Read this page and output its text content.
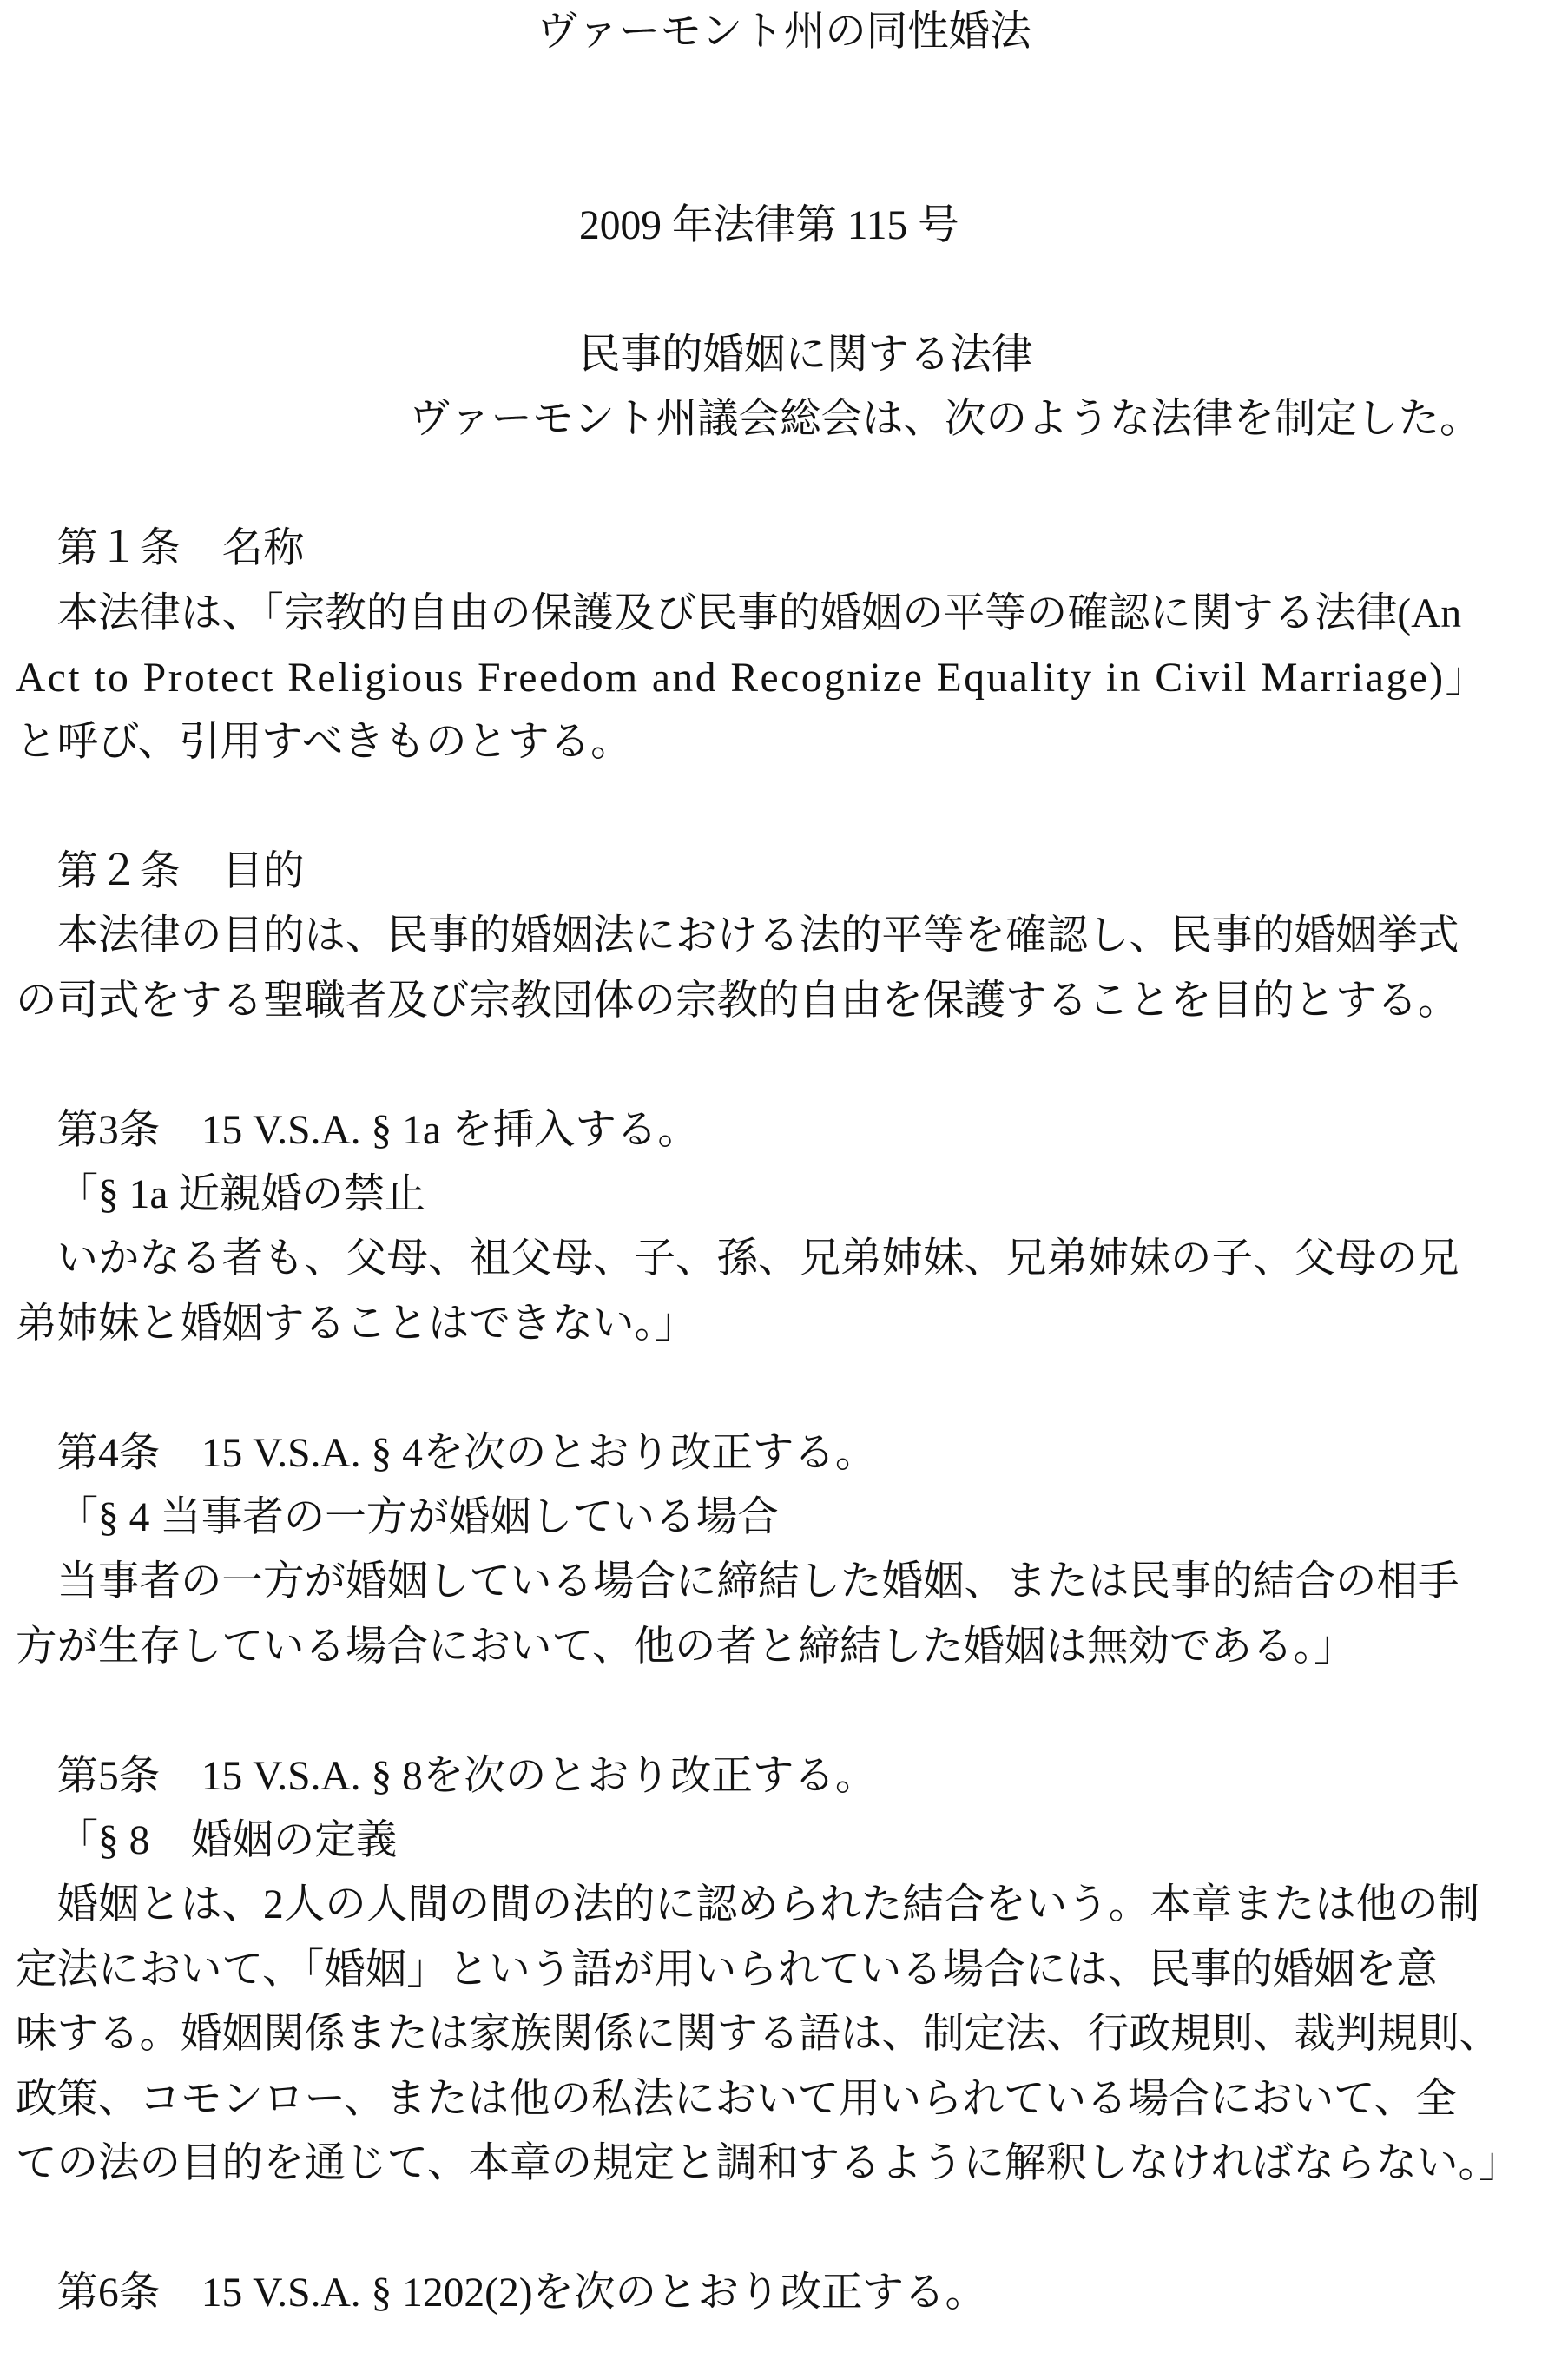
ヴァーモント州の同性婚法
2009 年法律第 115 号
民事的婚姻に関する法律
ヴァーモント州議会総会は、次のような法律を制定した。
第１条　名称
本法律は、「宗教的自由の保護及び民事的婚姻の平等の確認に関する法律(An
Act to Protect Religious Freedom and Recognize Equality in Civil Marriage)」
と呼び、引用すべきものとする。
第２条　目的
本法律の目的は、民事的婚姻法における法的平等を確認し、民事的婚姻挙式
の司式をする聖職者及び宗教団体の宗教的自由を保護することを目的とする。
第3条　15 V.S.A. § 1a を挿入する。
「§ 1a 近親婚の禁止
いかなる者も、父母、祖父母、子、孫、兄弟姉妹、兄弟姉妹の子、父母の兄
弟姉妹と婚姻することはできない。」
第4条　15 V.S.A. § 4を次のとおり改正する。
「§ 4 当事者の一方が婚姻している場合
当事者の一方が婚姻している場合に締結した婚姻、または民事的結合の相手
方が生存している場合において、他の者と締結した婚姻は無効である。」
第5条　15 V.S.A. § 8を次のとおり改正する。
「§ 8　婚姻の定義
婚姻とは、2人の人間の間の法的に認められた結合をいう。本章または他の制
定法において、「婚姻」という語が用いられている場合には、民事的婚姻を意
味する。婚姻関係または家族関係に関する語は、制定法、行政規則、裁判規則、
政策、コモンロー、または他の私法において用いられている場合において、全
ての法の目的を通じて、本章の規定と調和するように解釈しなければならない。」
第6条　15 V.S.A. § 1202(2)を次のとおり改正する。
